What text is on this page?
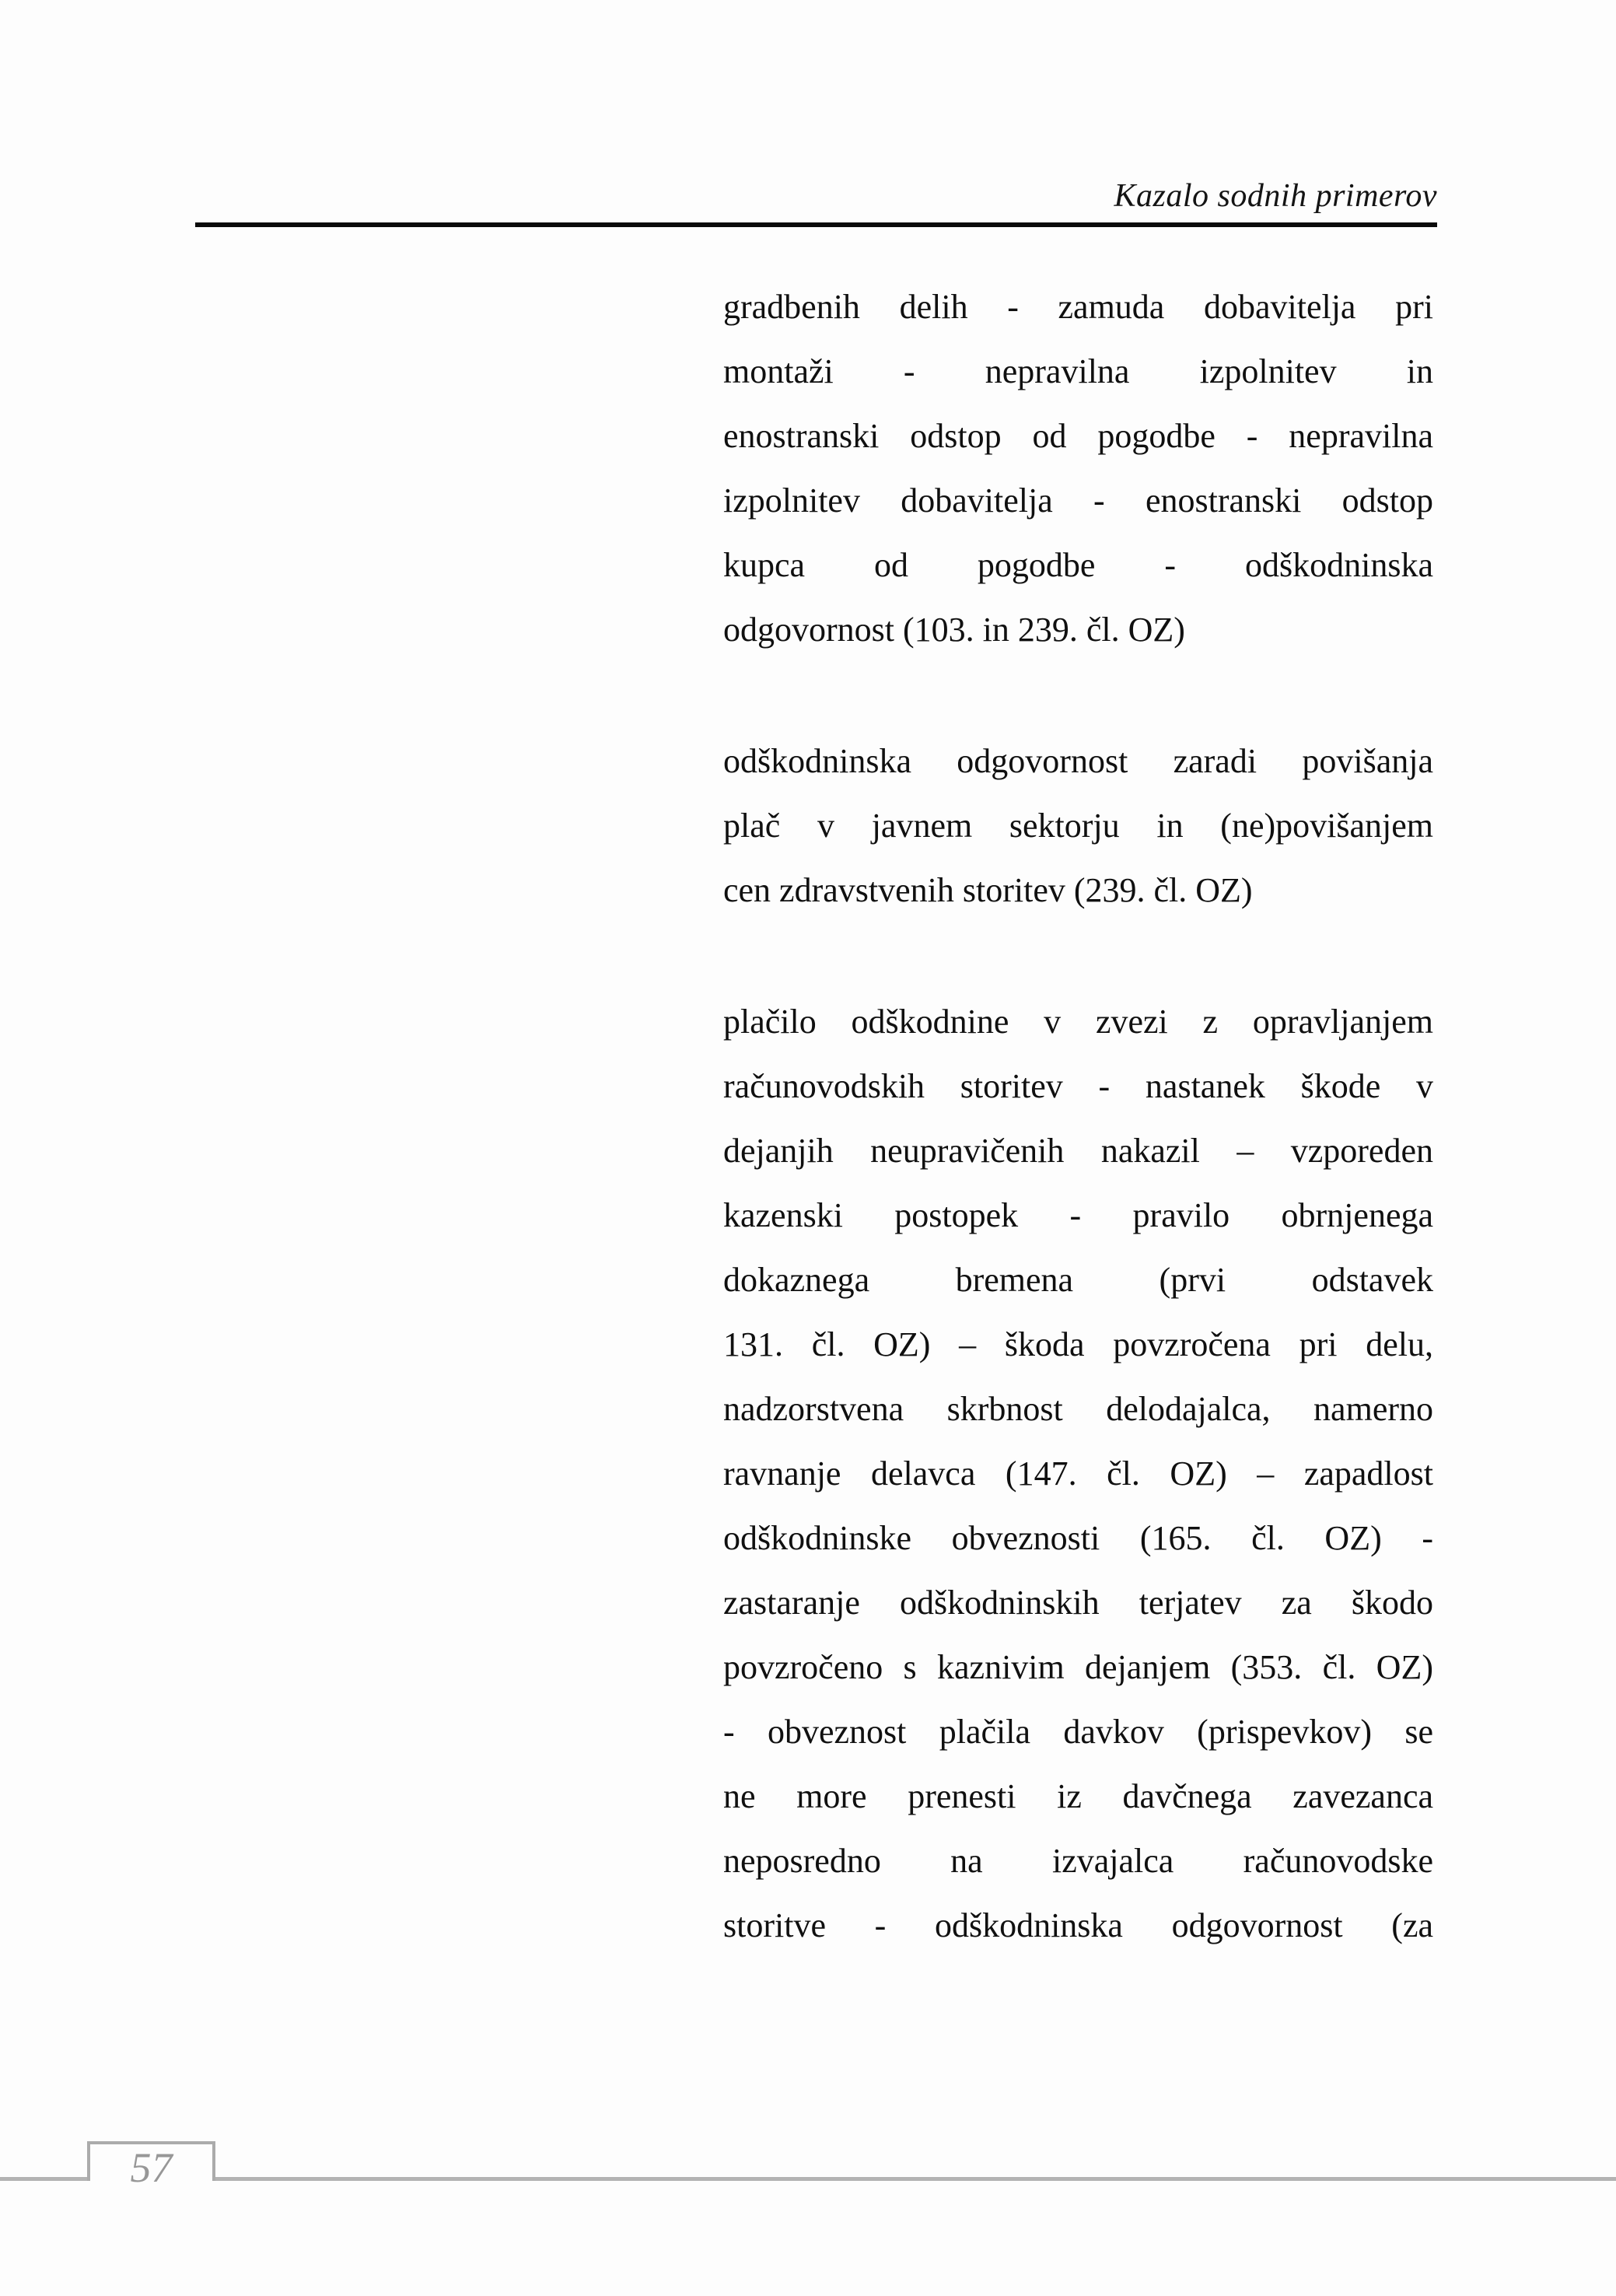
Kazalo sodnih primerov
gradbenih delih - zamuda dobavitelja pri
montaži - nepravilna izpolnitev in
enostranski odstop od pogodbe - nepravilna
izpolnitev dobavitelja - enostranski odstop
kupca od pogodbe - odškodninska
odgovornost (103. in 239. čl. OZ)
odškodninska odgovornost zaradi povišanja
plač v javnem sektorju in (ne)povišanjem
cen zdravstvenih storitev (239. čl. OZ)
plačilo odškodnine v zvezi z opravljanjem
računovodskih storitev - nastanek škode v
dejanjih neupravičenih nakazil – vzporeden
kazenski postopek - pravilo obrnjenega
dokaznega bremena (prvi odstavek
131. čl. OZ) – škoda povzročena pri delu,
nadzorstvena skrbnost delodajalca, namerno
ravnanje delavca (147. čl. OZ) – zapadlost
odškodninske obveznosti (165. čl. OZ) -
zastaranje odškodninskih terjatev za škodo
povzročeno s kaznivim dejanjem (353. čl. OZ)
- obveznost plačila davkov (prispevkov) se
ne more prenesti iz davčnega zavezanca
neposredno na izvajalca računovodske
storitve - odškodninska odgovornost (za
57
